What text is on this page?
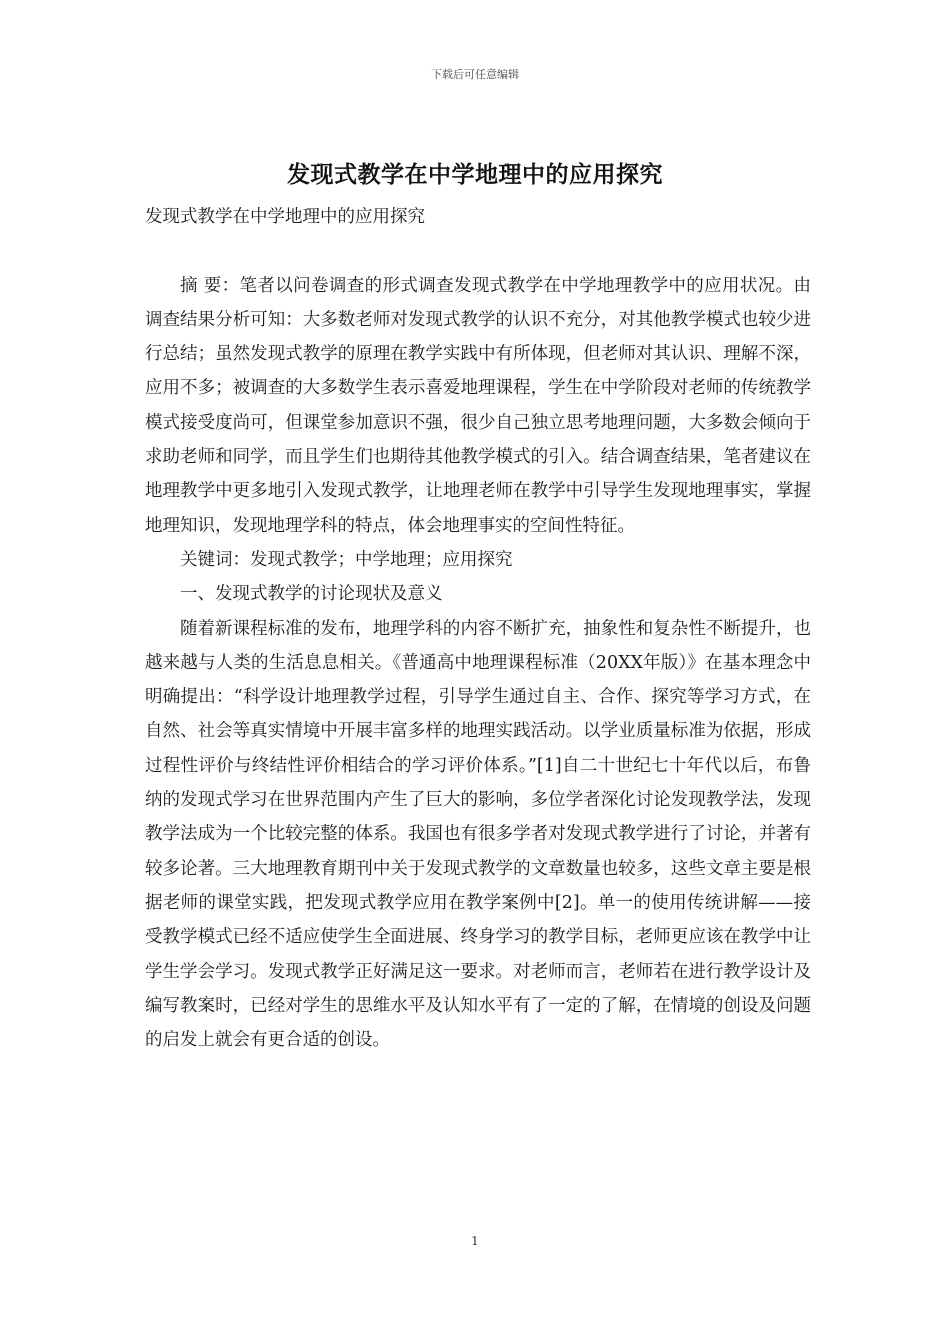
下载后可任意编辑
发现式教学在中学地理中的应用探究

发现式教学在中学地理中的应用探究

摘 要：笔者以问卷调查的形式调查发现式教学在中学地理教学中的应用状况。由调查结果分析可知：大多数老师对发现式教学的认识不充分，对其他教学模式也较少进行总结；虽然发现式教学的原理在教学实践中有所体现，但老师对其认识、理解不深，应用不多；被调查的大多数学生表示喜爱地理课程，学生在中学阶段对老师的传统教学模式接受度尚可，但课堂参加意识不强，很少自己独立思考地理问题，大多数会倾向于求助老师和同学，而且学生们也期待其他教学模式的引入。结合调查结果，笔者建议在地理教学中更多地引入发现式教学，让地理老师在教学中引导学生发现地理事实，掌握地理知识，发现地理学科的特点，体会地理事实的空间性特征。

关键词：发现式教学；中学地理；应用探究

一、发现式教学的讨论现状及意义

随着新课程标准的发布，地理学科的内容不断扩充，抽象性和复杂性不断提升，也越来越与人类的生活息息相关。《普通高中地理课程标准（20XX年版）》在基本理念中明确提出：“科学设计地理教学过程，引导学生通过自主、合作、探究等学习方式，在自然、社会等真实情境中开展丰富多样的地理实践活动。以学业质量标准为依据，形成过程性评价与终结性评价相结合的学习评价体系。”[1]自二十世纪七十年代以后，布鲁纳的发现式学习在世界范围内产生了巨大的影响，多位学者深化讨论发现教学法，发现教学法成为一个比较完整的体系。我国也有很多学者对发现式教学进行了讨论，并著有较多论著。三大地理教育期刊中关于发现式教学的文章数量也较多，这些文章主要是根据老师的课堂实践，把发现式教学应用在教学案例中[2]。单一的使用传统讲解——接受教学模式已经不适应使学生全面进展、终身学习的教学目标，老师更应该在教学中让学生学会学习。发现式教学正好满足这一要求。对老师而言，老师若在进行教学设计及编写教案时，已经对学生的思维水平及认知水平有了一定的了解，在情境的创设及问题的启发上就会有更合适的创设。

1
